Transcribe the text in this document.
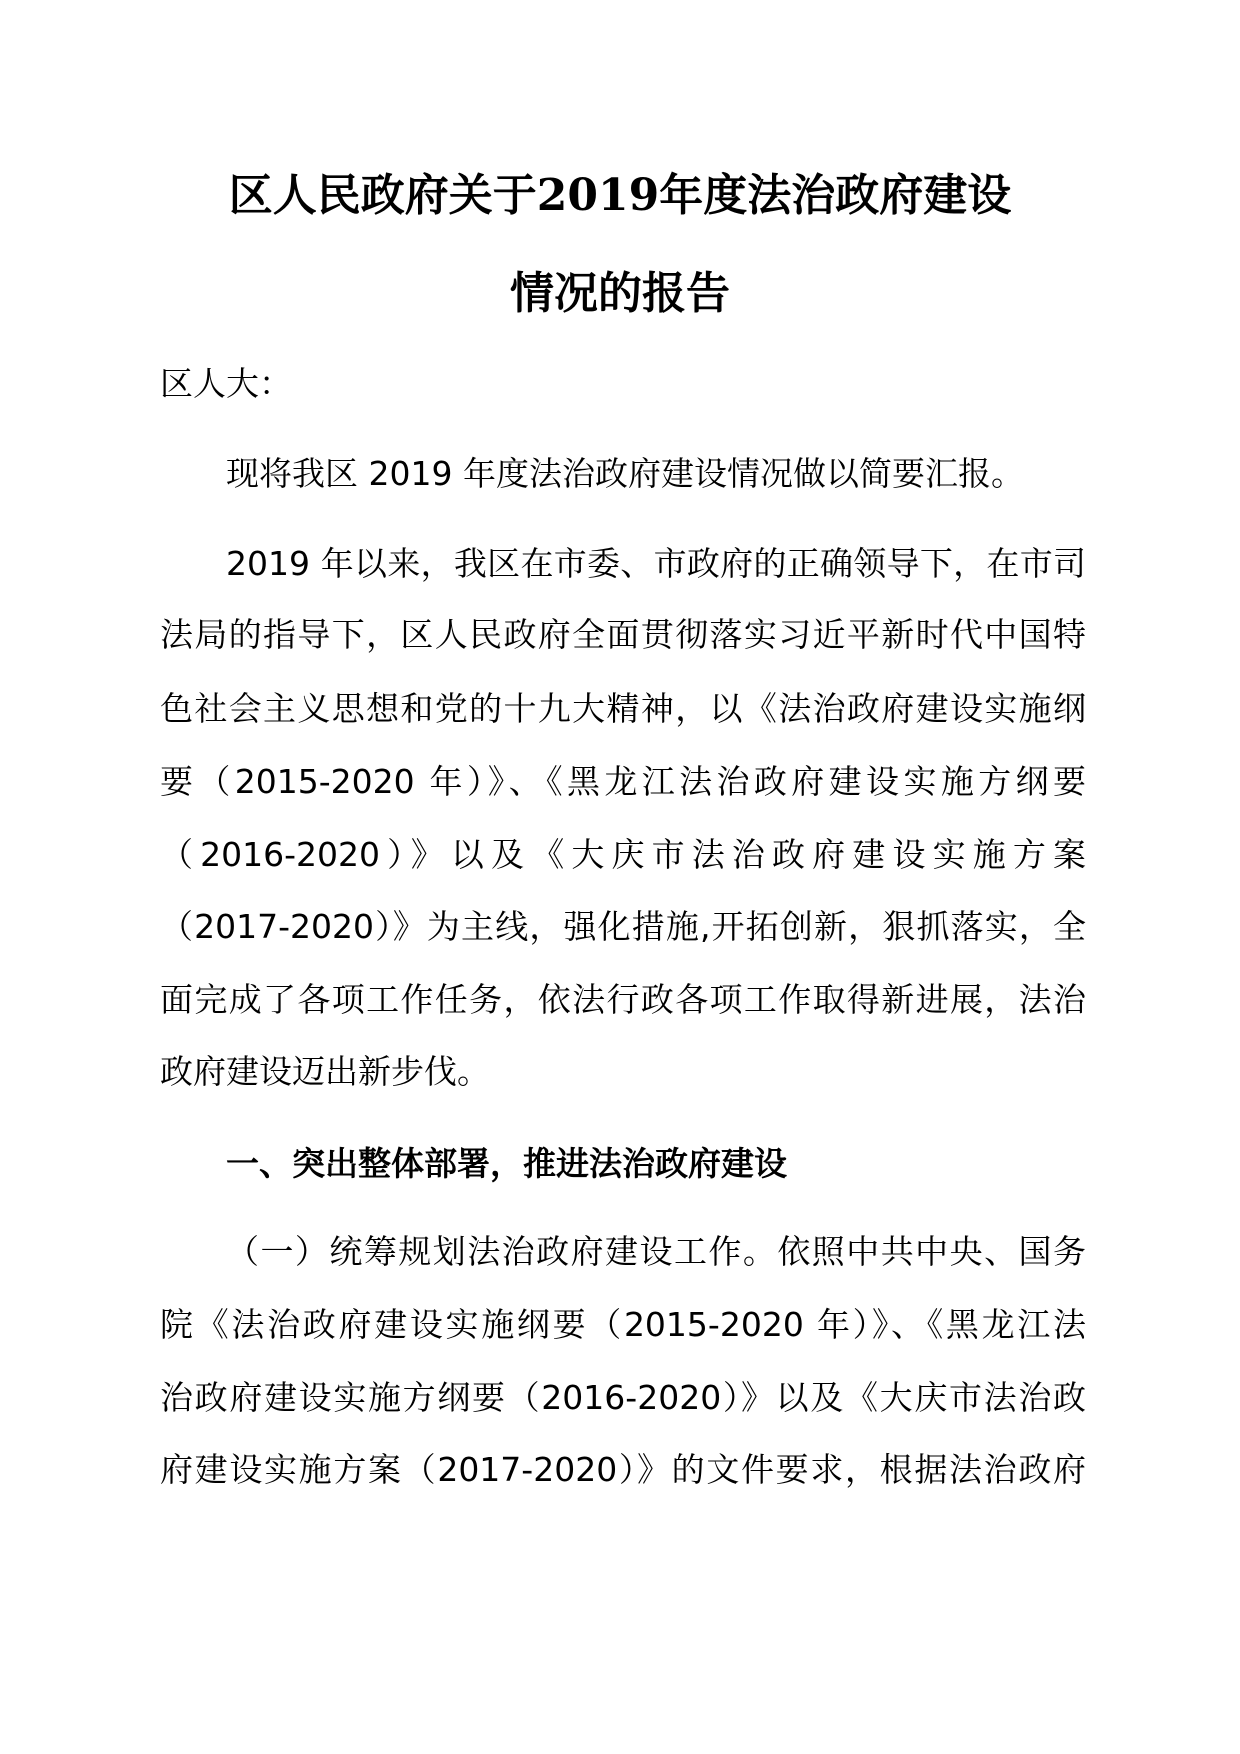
区人民政府关于2019年度法治政府建设
情况的报告
区人大：
现将我区 2019 年度法治政府建设情况做以简要汇报。
2019 年以来，我区在市委、市政府的正确领导下，在市司
法局的指导下，区人民政府全面贯彻落实习近平新时代中国特
色社会主义思想和党的十九大精神，以《法治政府建设实施纲
要（2015-2020 年）》、《黑龙江法治政府建设实施方纲要
（2016-2020）》以及《大庆市法治政府建设实施方案
（2017-2020）》为主线，强化措施,开拓创新，狠抓落实，全
面完成了各项工作任务，依法行政各项工作取得新进展，法治
政府建设迈出新步伐。
一、突出整体部署，推进法治政府建设
（一）统筹规划法治政府建设工作。依照中共中央、国务
院《法治政府建设实施纲要（2015-2020 年）》、《黑龙江法
治政府建设实施方纲要（2016-2020）》以及《大庆市法治政
府建设实施方案（2017-2020）》的文件要求，根据法治政府
